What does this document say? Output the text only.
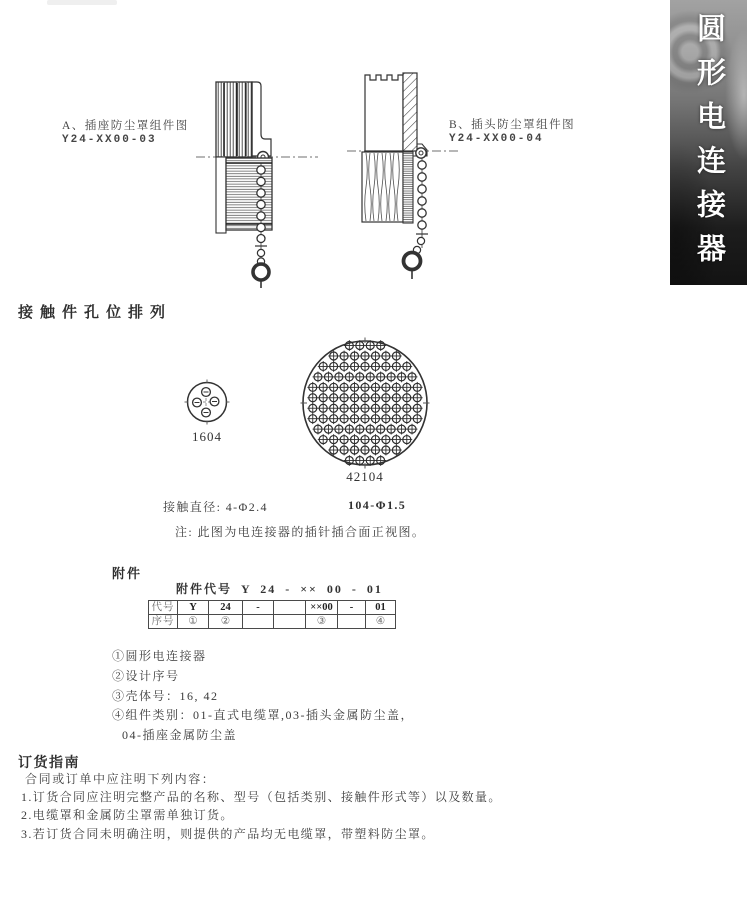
A、插座防尘罩组件图
Y24-XX00-03
B、插头防尘罩组件图
Y24-XX00-04	圆形电连接器
接触件孔位排列
1604
42104
接触直径: 4-Φ2.4	104-Φ1.5
注: 此图为电连接器的插针插合面正视图。
附件
附件代号 Y 24 - ×× 00 - 01
代号	Y	24	-		××00	-	01
序号	①	②			③		④
①圆形电连接器
②设计序号
③壳体号：16, 42
④组件类别：01-直式电缆罩,03-插头金属防尘盖，
04-插座金属防尘盖
订货指南
合同或订单中应注明下列内容：
1.订货合同应注明完整产品的名称、型号（包括类别、接触件形式等）以及数量。
2.电缆罩和金属防尘罩需单独订货。
3.若订货合同未明确注明，则提供的产品均无电缆罩，带塑料防尘罩。
